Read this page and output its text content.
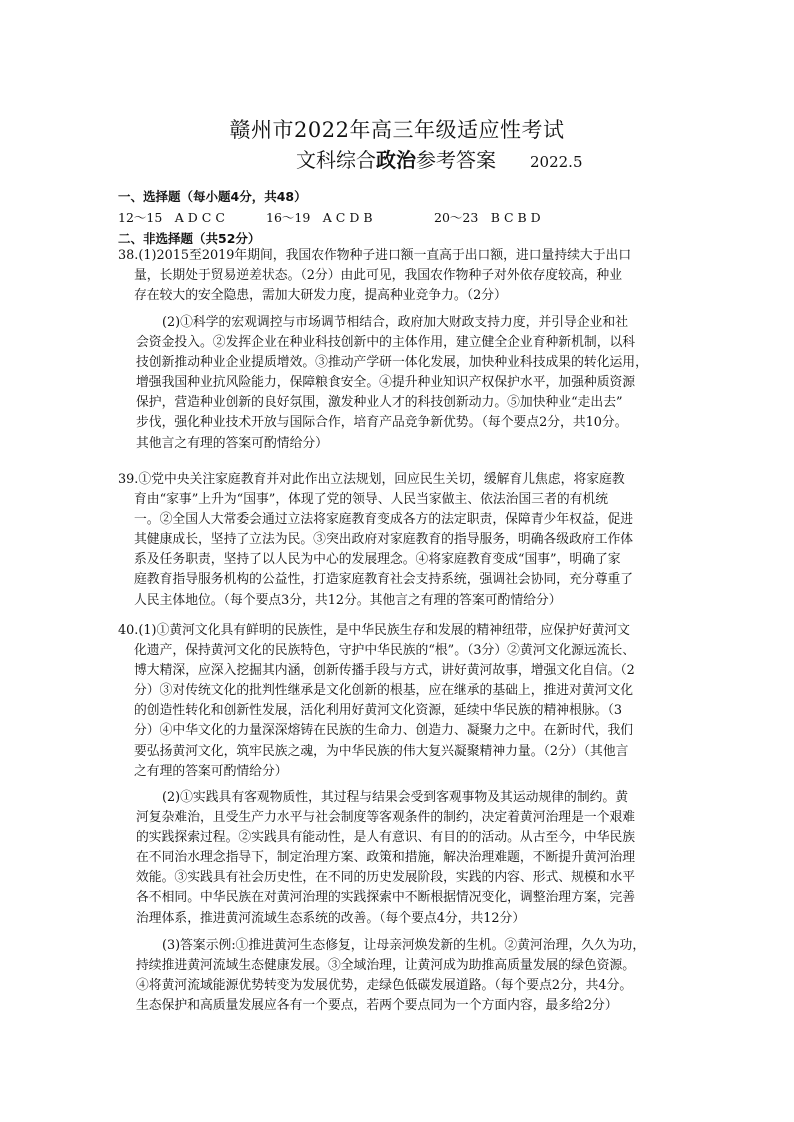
赣州市2022年高三年级适应性考试
文科综合政治参考答案 2022.5
一、选择题（每小题4分，共48）
12～15　A D C C	16～19　A C D B	20～23　B C B D
二、非选择题（共52分）
38.(1)2015至2019年期间，我国农作物种子进口额一直高于出口额，进口量持续大于出口
量，长期处于贸易逆差状态。（2分）由此可见，我国农作物种子对外依存度较高，种业
存在较大的安全隐患，需加大研发力度，提高种业竞争力。（2分）
(2)①科学的宏观调控与市场调节相结合，政府加大财政支持力度，并引导企业和社
会资金投入。②发挥企业在种业科技创新中的主体作用，建立健全企业育种新机制，以科
技创新推动种业企业提质增效。③推动产学研一体化发展，加快种业科技成果的转化运用，
增强我国种业抗风险能力，保障粮食安全。④提升种业知识产权保护水平，加强种质资源
保护，营造种业创新的良好氛围，激发种业人才的科技创新动力。⑤加快种业“走出去”
步伐，强化种业技术开放与国际合作，培育产品竞争新优势。（每个要点2分，共10分。
其他言之有理的答案可酌情给分）
39.①党中央关注家庭教育并对此作出立法规划，回应民生关切，缓解育儿焦虑，将家庭教
育由“家事”上升为“国事”，体现了党的领导、人民当家做主、依法治国三者的有机统
一。②全国人大常委会通过立法将家庭教育变成各方的法定职责，保障青少年权益，促进
其健康成长，坚持了立法为民。③突出政府对家庭教育的指导服务，明确各级政府工作体
系及任务职责，坚持了以人民为中心的发展理念。④将家庭教育变成“国事”，明确了家
庭教育指导服务机构的公益性，打造家庭教育社会支持系统，强调社会协同，充分尊重了
人民主体地位。（每个要点3分，共12分。其他言之有理的答案可酌情给分）
40.(1)①黄河文化具有鲜明的民族性，是中华民族生存和发展的精神纽带，应保护好黄河文
化遗产，保持黄河文化的民族特色，守护中华民族的“根”。（3分）②黄河文化源远流长、
博大精深，应深入挖掘其内涵，创新传播手段与方式，讲好黄河故事，增强文化自信。（2
分）③对传统文化的批判性继承是文化创新的根基，应在继承的基础上，推进对黄河文化
的创造性转化和创新性发展，活化利用好黄河文化资源，延续中华民族的精神根脉。（3
分）④中华文化的力量深深熔铸在民族的生命力、创造力、凝聚力之中。在新时代，我们
要弘扬黄河文化，筑牢民族之魂，为中华民族的伟大复兴凝聚精神力量。（2分）（其他言
之有理的答案可酌情给分）
(2)①实践具有客观物质性，其过程与结果会受到客观事物及其运动规律的制约。黄
河复杂难治，且受生产力水平与社会制度等客观条件的制约，决定着黄河治理是一个艰难
的实践探索过程。②实践具有能动性，是人有意识、有目的的活动。从古至今，中华民族
在不同治水理念指导下，制定治理方案、政策和措施，解决治理难题，不断提升黄河治理
效能。③实践具有社会历史性，在不同的历史发展阶段，实践的内容、形式、规模和水平
各不相同。中华民族在对黄河治理的实践探索中不断根据情况变化，调整治理方案，完善
治理体系，推进黄河流域生态系统的改善。（每个要点4分，共12分）
(3)答案示例:①推进黄河生态修复，让母亲河焕发新的生机。②黄河治理，久久为功，
持续推进黄河流域生态健康发展。③全域治理，让黄河成为助推高质量发展的绿色资源。
④将黄河流域能源优势转变为发展优势，走绿色低碳发展道路。（每个要点2分，共4分。
生态保护和高质量发展应各有一个要点，若两个要点同为一个方面内容，最多给2分）
